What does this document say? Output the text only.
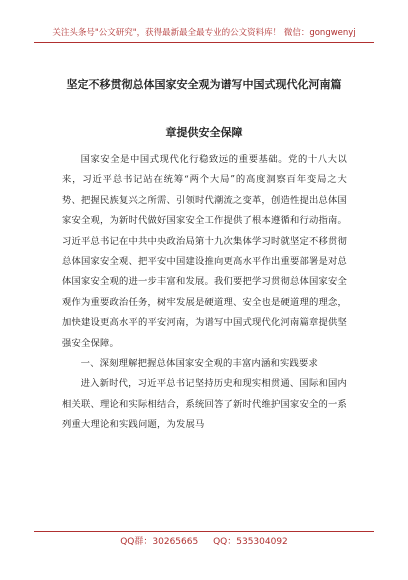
关注头条号"公文研究"，获得最新最全最专业的公文资料库！ 微信：gongwenyj
坚定不移贯彻总体国家安全观为谱写中国式现代化河南篇
章提供安全保障

国家安全是中国式现代化行稳致远的重要基础。党的十八大以来，习近平总书记站在统筹“两个大局”的高度洞察百年变局之大势、把握民族复兴之所需、引领时代潮流之变革，创造性提出总体国家安全观，为新时代做好国家安全工作提供了根本遵循和行动指南。习近平总书记在中共中央政治局第十九次集体学习时就坚定不移贯彻总体国家安全观、把平安中国建设推向更高水平作出重要部署是对总体国家安全观的进一步丰富和发展。我们要把学习贯彻总体国家安全观作为重要政治任务，树牢发展是硬道理、安全也是硬道理的理念，加快建设更高水平的平安河南，为谱写中国式现代化河南篇章提供坚强安全保障。

一、深刻理解把握总体国家安全观的丰富内涵和实践要求

进入新时代，习近平总书记坚持历史和现实相贯通、国际和国内相关联、理论和实际相结合，系统回答了新时代维护国家安全的一系列重大理论和实践问题，为发展马

QQ群：30265665 QQ：535304092
